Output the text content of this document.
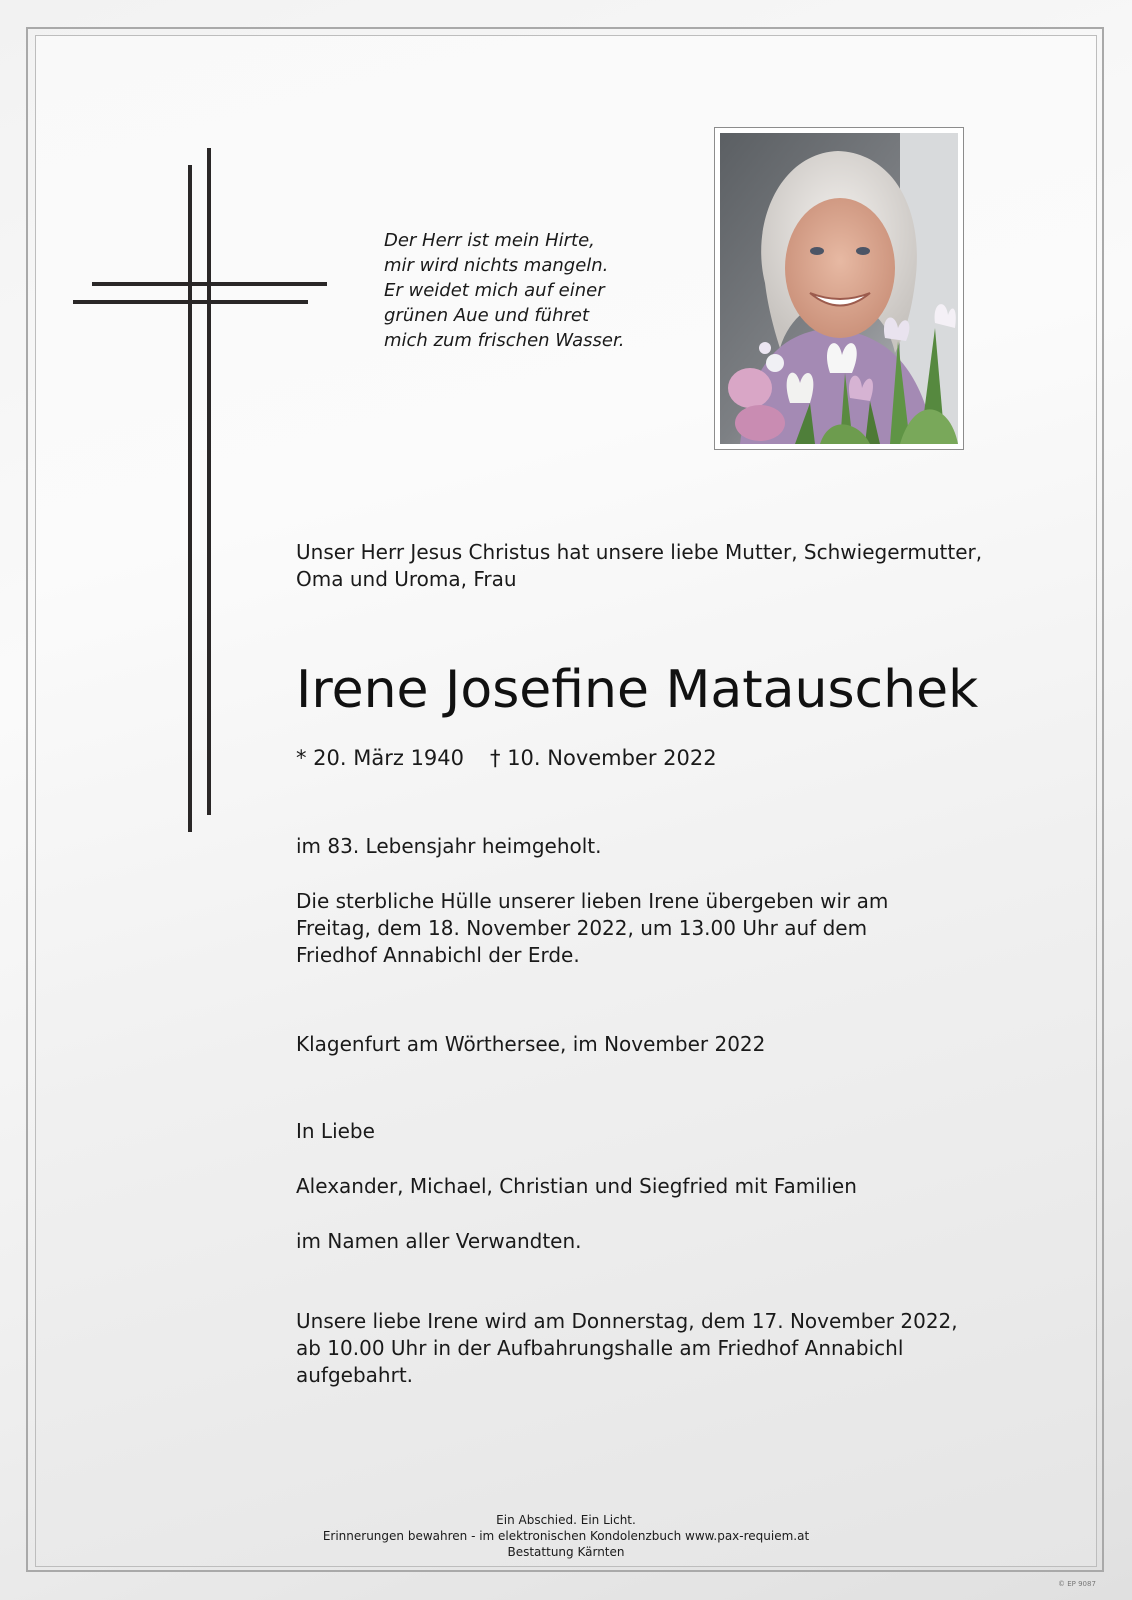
Der Herr ist mein Hirte,
mir wird nichts mangeln.
Er weidet mich auf einer
grünen Aue und führet
mich zum frischen Wasser.

Unser Herr Jesus Christus hat unsere liebe Mutter, Schwiegermutter,
Oma und Uroma, Frau

Irene Josefine Matauschek

* 20. März 1940 † 10. November 2022

im 83. Lebensjahr heimgeholt.

Die sterbliche Hülle unserer lieben Irene übergeben wir am
Freitag, dem 18. November 2022, um 13.00 Uhr auf dem
Friedhof Annabichl der Erde.

Klagenfurt am Wörthersee, im November 2022

In Liebe

Alexander, Michael, Christian und Siegfried mit Familien

im Namen aller Verwandten.

Unsere liebe Irene wird am Donnerstag, dem 17. November 2022,
ab 10.00 Uhr in der Aufbahrungshalle am Friedhof Annabichl aufgebahrt.

Ein Abschied. Ein Licht.
Erinnerungen bewahren - im elektronischen Kondolenzbuch www.pax-requiem.at
Bestattung Kärnten
© EP 9087
